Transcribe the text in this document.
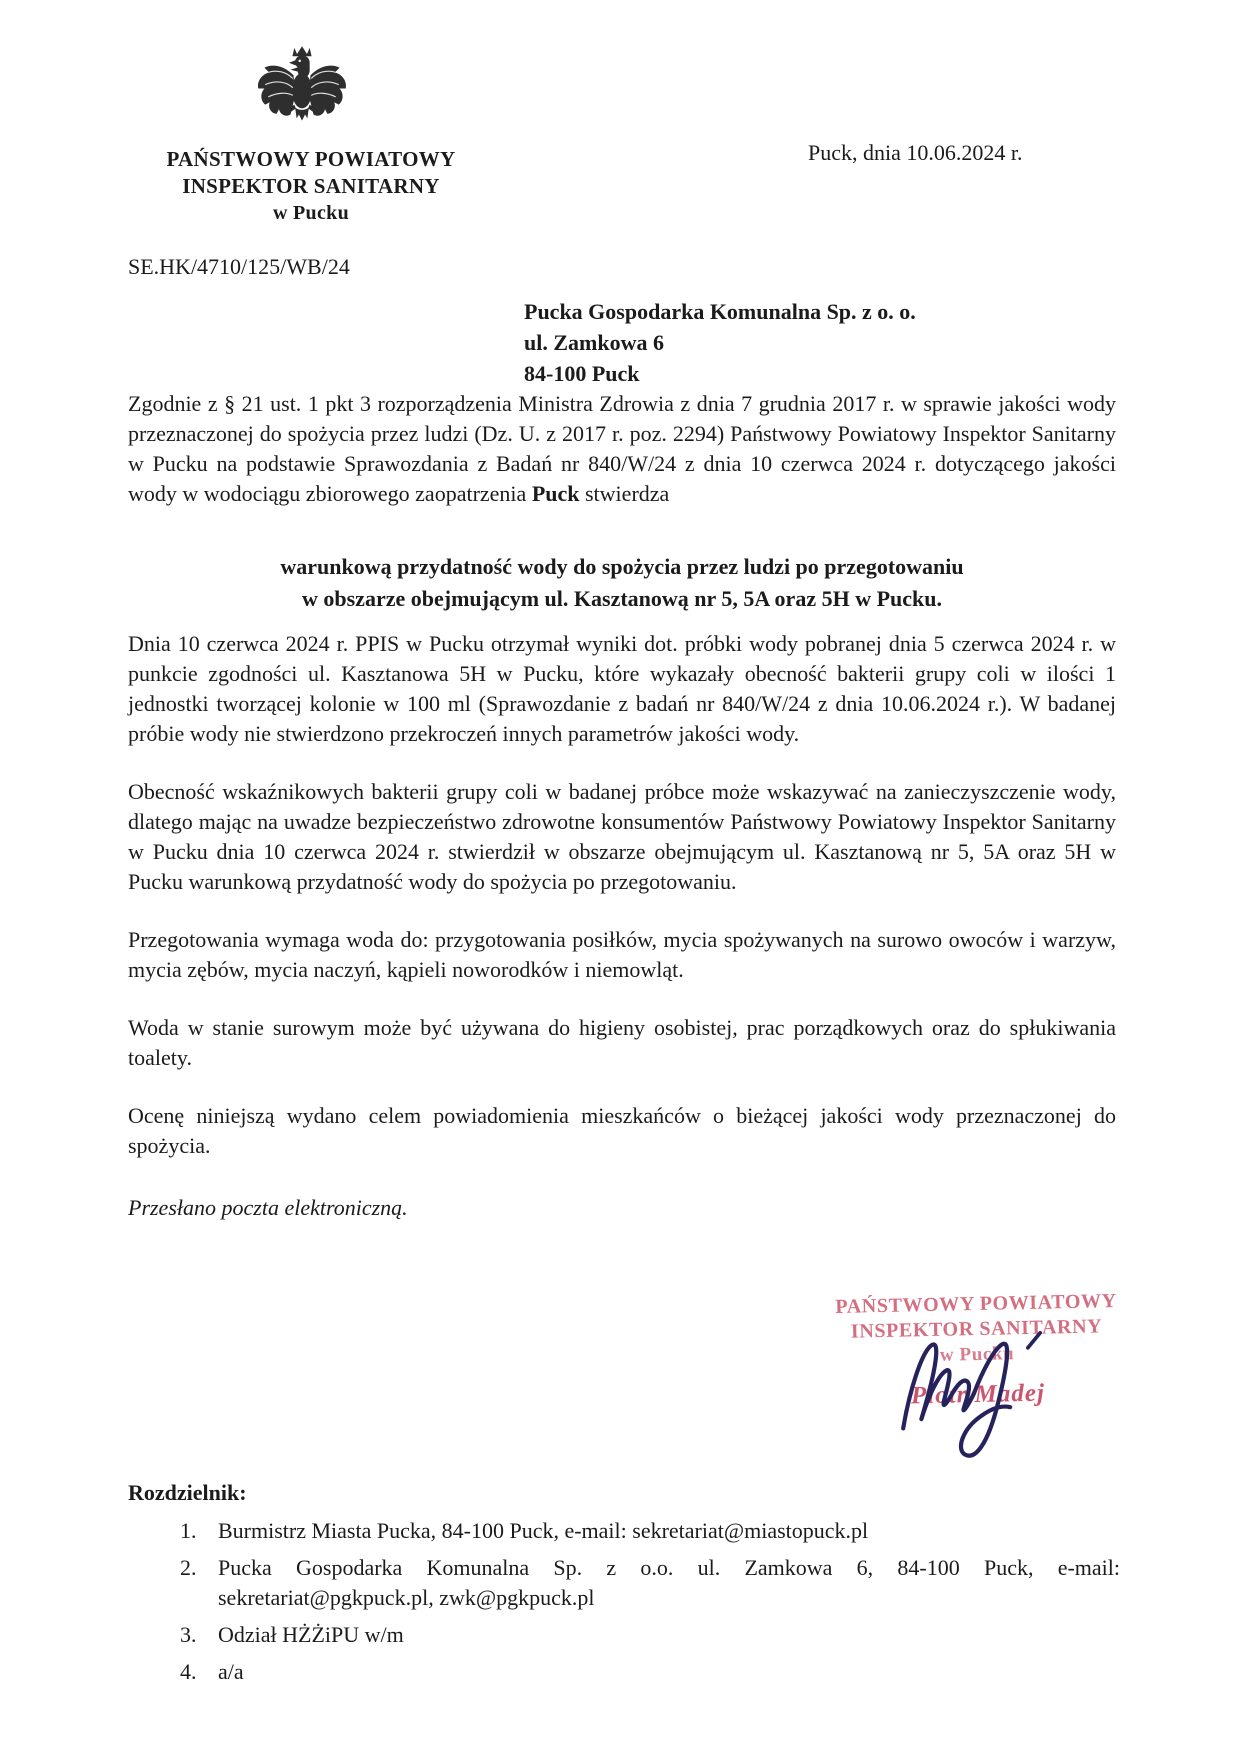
PAŃSTWOWY POWIATOWY
INSPEKTOR SANITARNY
w Pucku
Puck, dnia 10.06.2024 r.
SE.HK/4710/125/WB/24
Pucka Gospodarka Komunalna Sp. z o. o.
ul. Zamkowa 6
84-100 Puck

Zgodnie z § 21 ust. 1 pkt 3 rozporządzenia Ministra Zdrowia z dnia 7 grudnia 2017 r. w sprawie jakości wody przeznaczonej do spożycia przez ludzi (Dz. U. z 2017 r. poz. 2294) Państwowy Powiatowy Inspektor Sanitarny w Pucku na podstawie Sprawozdania z Badań nr 840/W/24 z dnia 10 czerwca 2024 r. dotyczącego jakości wody w wodociągu zbiorowego zaopatrzenia Puck stwierdza

warunkową przydatność wody do spożycia przez ludzi po przegotowaniu
w obszarze obejmującym ul. Kasztanową nr 5, 5A oraz 5H w Pucku.

Dnia 10 czerwca 2024 r. PPIS w Pucku otrzymał wyniki dot. próbki wody pobranej dnia 5 czerwca 2024 r. w punkcie zgodności ul. Kasztanowa 5H w Pucku, które wykazały obecność bakterii grupy coli w ilości 1 jednostki tworzącej kolonie w 100 ml (Sprawozdanie z badań nr 840/W/24 z dnia 10.06.2024 r.). W badanej próbie wody nie stwierdzono przekroczeń innych parametrów jakości wody.

Obecność wskaźnikowych bakterii grupy coli w badanej próbce może wskazywać na zanieczyszczenie wody, dlatego mając na uwadze bezpieczeństwo zdrowotne konsumentów Państwowy Powiatowy Inspektor Sanitarny w Pucku dnia 10 czerwca 2024 r. stwierdził w obszarze obejmującym ul. Kasztanową nr 5, 5A oraz 5H w Pucku warunkową przydatność wody do spożycia po przegotowaniu.

Przegotowania wymaga woda do: przygotowania posiłków, mycia spożywanych na surowo owoców i warzyw, mycia zębów, mycia naczyń, kąpieli noworodków i niemowląt.

Woda w stanie surowym może być używana do higieny osobistej, prac porządkowych oraz do spłukiwania toalety.

Ocenę niniejszą wydano celem powiadomienia mieszkańców o bieżącej jakości wody przeznaczonej do spożycia.

Przesłano poczta elektroniczną.

PAŃSTWOWY POWIATOWY
INSPEKTOR SANITARNY
w Pucku
Piotr Madej
Rozdzielnik:
1. Burmistrz Miasta Pucka, 84-100 Puck, e-mail: sekretariat@miastopuck.pl
2. Pucka Gospodarka Komunalna Sp. z o.o. ul. Zamkowa 6, 84-100 Puck, e-mail: sekretariat@pgkpuck.pl, zwk@pgkpuck.pl
3. Odział HŻŻiPU w/m
4. a/a
